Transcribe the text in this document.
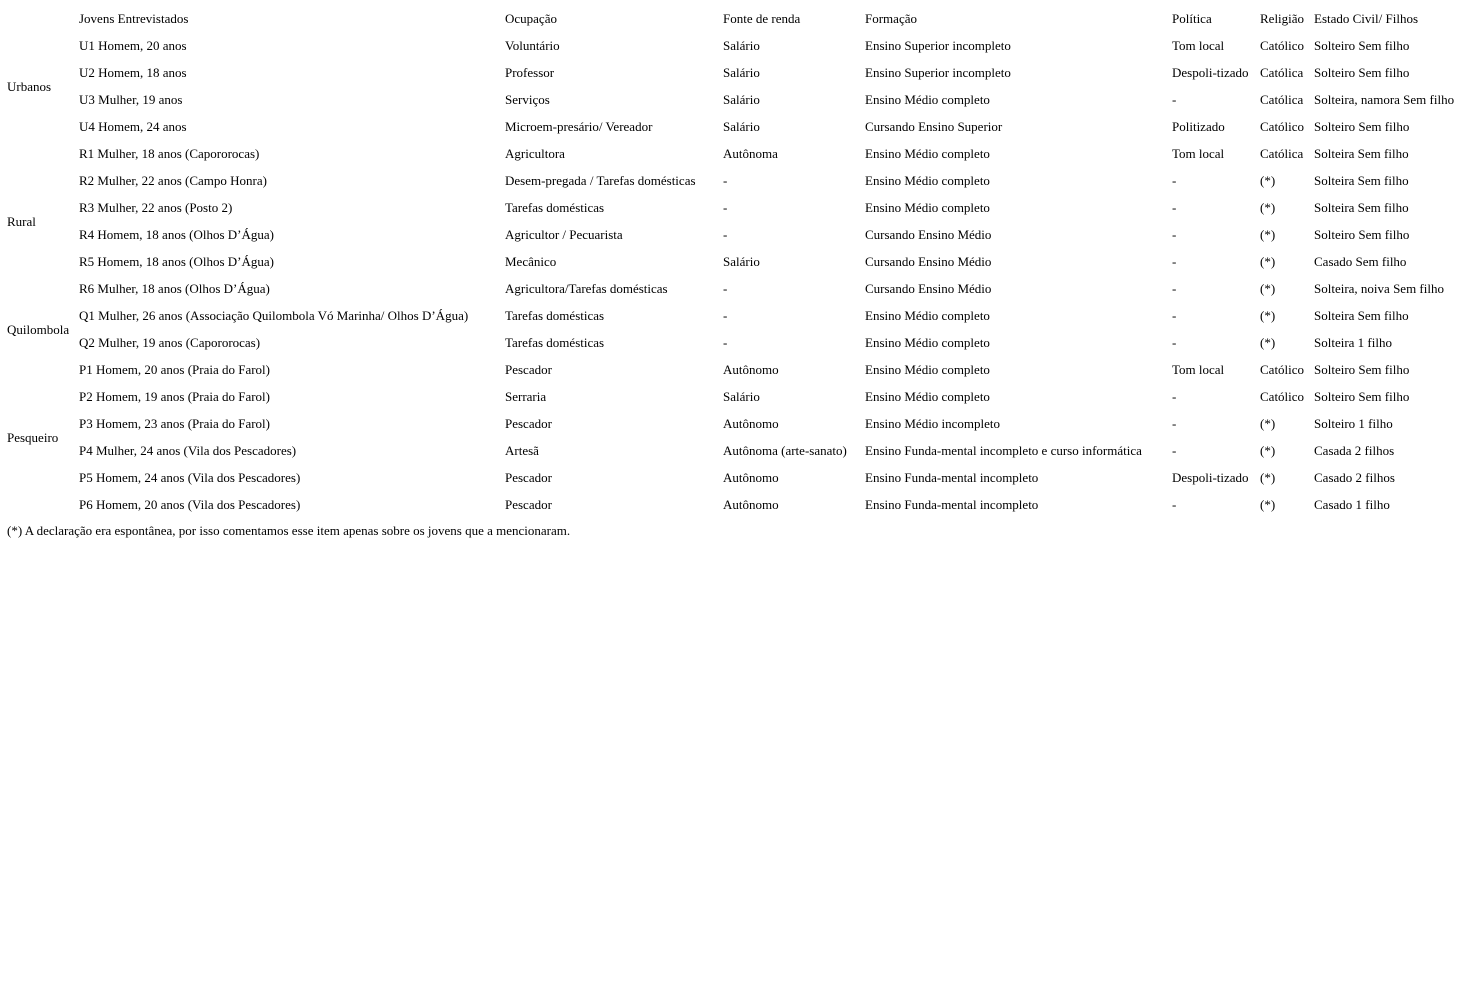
	Jovens Entrevistados	Ocupação	Fonte de renda	Formação	Política	Religião	Estado Civil/ Filhos
Urbanos	U1 Homem, 20 anos	Voluntário	Salário	Ensino Superior incompleto	Tom local	Católico	Solteiro Sem filho
	U2 Homem, 18 anos	Professor	Salário	Ensino Superior incompleto	Despoli-tizado	Católica	Solteiro Sem filho
	U3 Mulher, 19 anos	Serviços	Salário	Ensino Médio completo	-	Católica	Solteira, namora Sem filho
	U4 Homem, 24 anos	Microem-presário/ Vereador	Salário	Cursando Ensino Superior	Politizado	Católico	Solteiro Sem filho
Rural	R1 Mulher, 18 anos (Capororocas)	Agricultora	Autônoma	Ensino Médio completo	Tom local	Católica	Solteira Sem filho
	R2 Mulher, 22 anos (Campo Honra)	Desem-pregada / Tarefas domésticas	-	Ensino Médio completo	-	(*)	Solteira Sem filho
	R3 Mulher, 22 anos (Posto 2)	Tarefas domésticas	-	Ensino Médio completo	-	(*)	Solteira Sem filho
	R4 Homem, 18 anos (Olhos D’Água)	Agricultor / Pecuarista	-	Cursando Ensino Médio	-	(*)	Solteiro Sem filho
	R5 Homem, 18 anos (Olhos D’Água)	Mecânico	Salário	Cursando Ensino Médio	-	(*)	Casado Sem filho
	R6 Mulher, 18 anos (Olhos D’Água)	Agricultora/Tarefas domésticas	-	Cursando Ensino Médio	-	(*)	Solteira, noiva Sem filho
Quilombola	Q1 Mulher, 26 anos (Associação Quilombola Vó Marinha/ Olhos D’Água)	Tarefas domésticas	-	Ensino Médio completo	-	(*)	Solteira Sem filho
	Q2 Mulher, 19 anos (Capororocas)	Tarefas domésticas	-	Ensino Médio completo	-	(*)	Solteira 1 filho
Pesqueiro	P1 Homem, 20 anos (Praia do Farol)	Pescador	Autônomo	Ensino Médio completo	Tom local	Católico	Solteiro Sem filho
	P2 Homem, 19 anos (Praia do Farol)	Serraria	Salário	Ensino Médio completo	-	Católico	Solteiro Sem filho
	P3 Homem, 23 anos (Praia do Farol)	Pescador	Autônomo	Ensino Médio incompleto	-	(*)	Solteiro 1 filho
	P4 Mulher, 24 anos (Vila dos Pescadores)	Artesã	Autônoma (arte-sanato)	Ensino Funda-mental incompleto e curso informática	-	(*)	Casada 2 filhos
	P5 Homem, 24 anos (Vila dos Pescadores)	Pescador	Autônomo	Ensino Funda-mental incompleto	Despoli-tizado	(*)	Casado 2 filhos
	P6 Homem, 20 anos (Vila dos Pescadores)	Pescador	Autônomo	Ensino Funda-mental incompleto	-	(*)	Casado 1 filho
(*) A declaração era espontânea, por isso comentamos esse item apenas sobre os jovens que a mencionaram.
